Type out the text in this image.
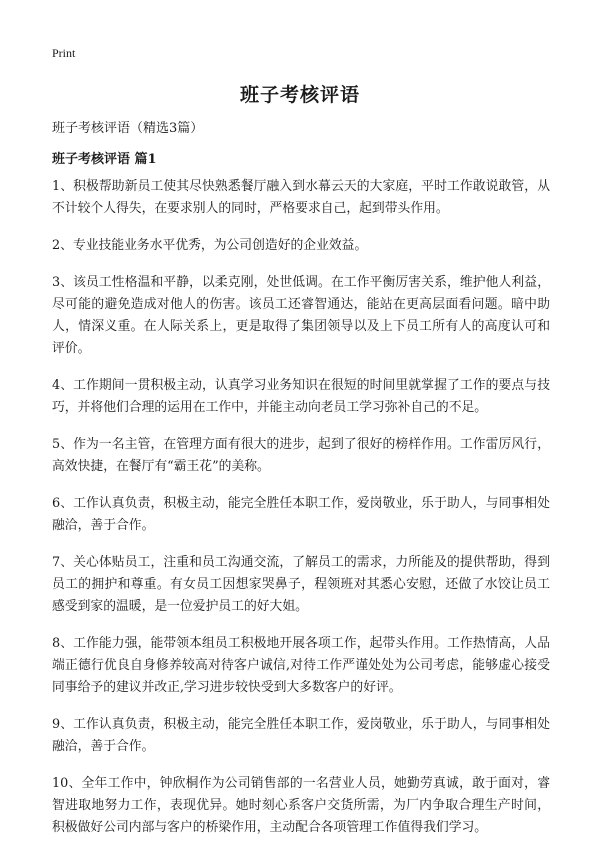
Print
班子考核评语
班子考核评语（精选3篇）
班子考核评语 篇1

1、积极帮助新员工使其尽快熟悉餐厅融入到水幕云天的大家庭，平时工作敢说敢管，从不计较个人得失，在要求别人的同时，严格要求自己，起到带头作用。

2、专业技能业务水平优秀，为公司创造好的企业效益。

3、该员工性格温和平静，以柔克刚，处世低调。在工作平衡厉害关系，维护他人利益，尽可能的避免造成对他人的伤害。该员工还睿智通达，能站在更高层面看问题。暗中助人，情深义重。在人际关系上，更是取得了集团领导以及上下员工所有人的高度认可和评价。

4、工作期间一贯积极主动，认真学习业务知识在很短的时间里就掌握了工作的要点与技巧，并将他们合理的运用在工作中，并能主动向老员工学习弥补自己的不足。

5、作为一名主管，在管理方面有很大的进步，起到了很好的榜样作用。工作雷厉风行，高效快捷，在餐厅有“霸王花”的美称。

6、工作认真负责，积极主动，能完全胜任本职工作，爱岗敬业，乐于助人，与同事相处融洽，善于合作。

7、关心体贴员工，注重和员工沟通交流，了解员工的需求，力所能及的提供帮助，得到员工的拥护和尊重。有女员工因想家哭鼻子，程领班对其悉心安慰，还做了水饺让员工感受到家的温暖，是一位爱护员工的好大姐。

8、工作能力强，能带领本组员工积极地开展各项工作，起带头作用。工作热情高，人品端正德行优良自身修养较高对待客户诚信,对待工作严谨处处为公司考虑，能够虚心接受同事给予的建议并改正,学习进步较快受到大多数客户的好评。

9、工作认真负责，积极主动，能完全胜任本职工作，爱岗敬业，乐于助人，与同事相处融洽，善于合作。

10、全年工作中，钟欣桐作为公司销售部的一名营业人员，她勤劳真诚，敢于面对，睿智进取地努力工作，表现优异。她时刻心系客户交货所需，为厂内争取合理生产时间，积极做好公司内部与客户的桥梁作用，主动配合各项管理工作值得我们学习。
